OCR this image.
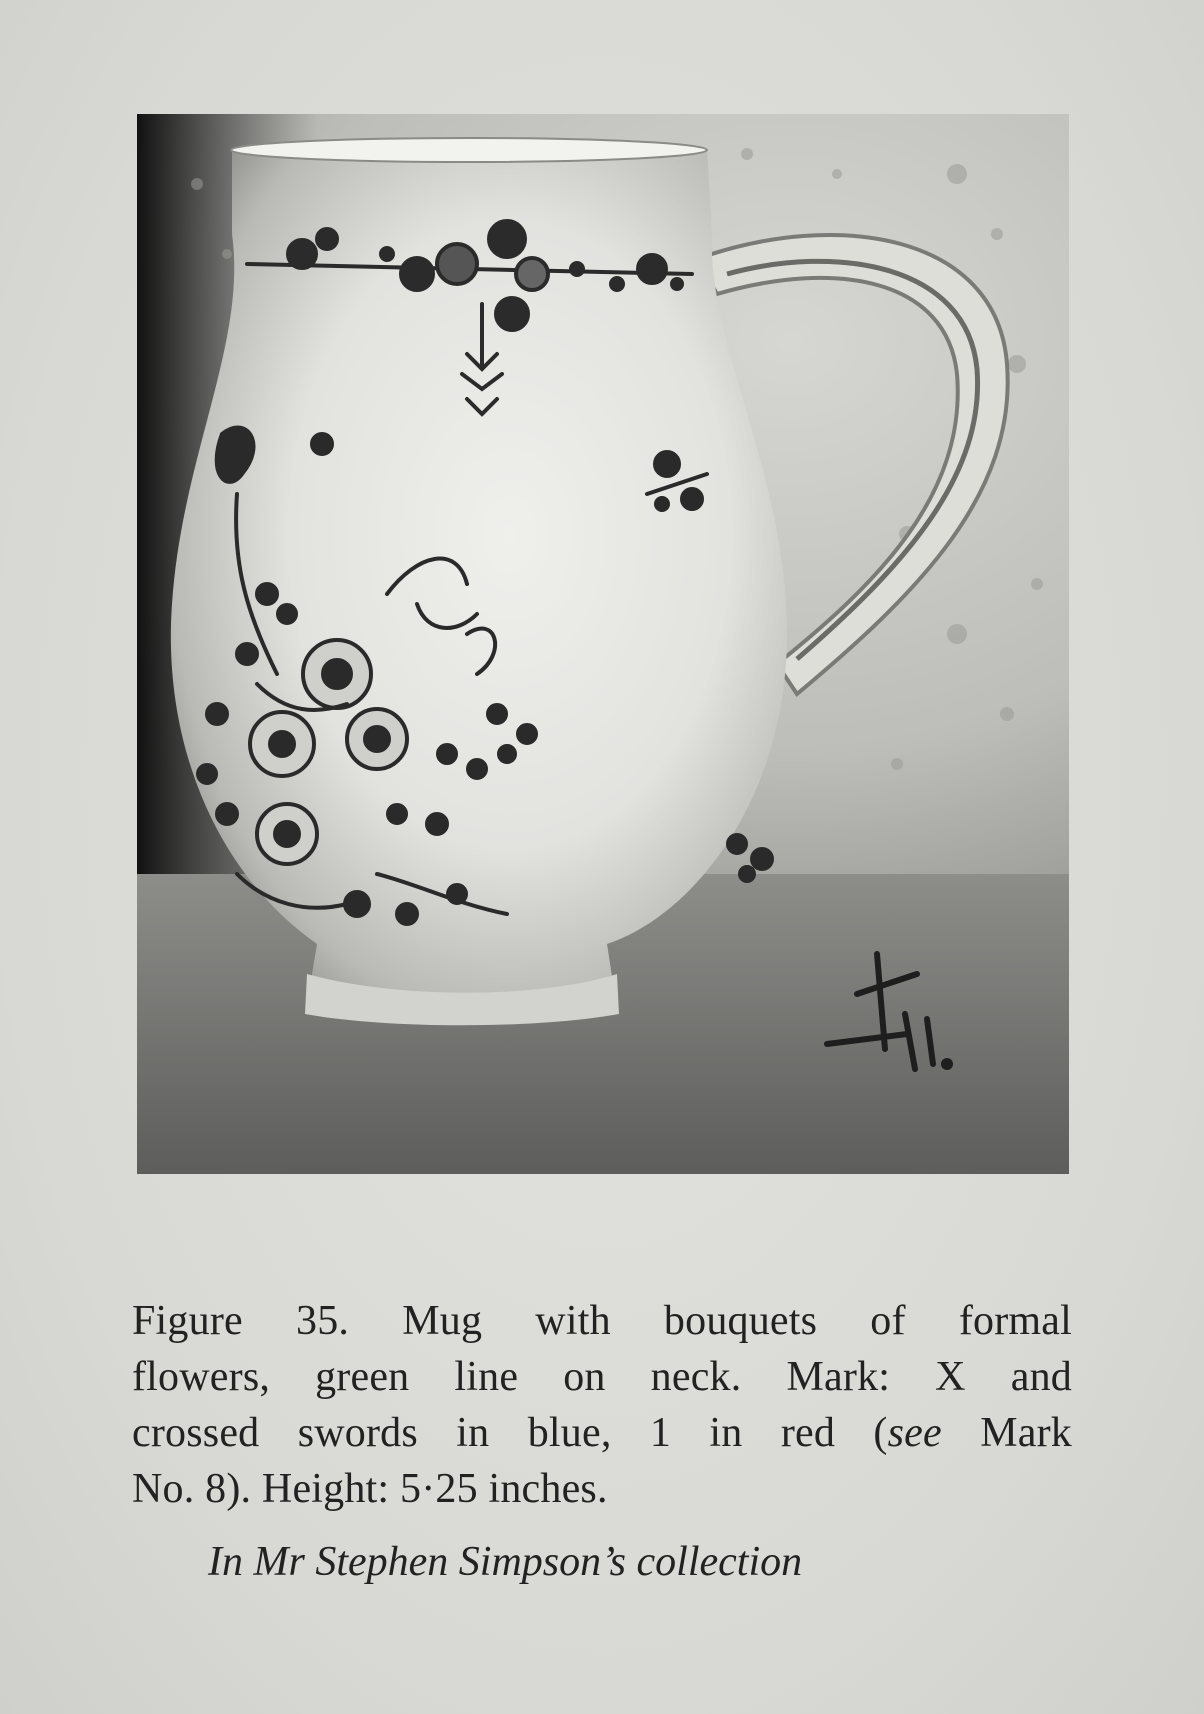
Figure 35. Mug with bouquets of formal
flowers, green line on neck. Mark: X and
crossed swords in blue, 1 in red (see Mark
No. 8). Height: 5·25 inches.
In Mr Stephen Simpson’s collection
